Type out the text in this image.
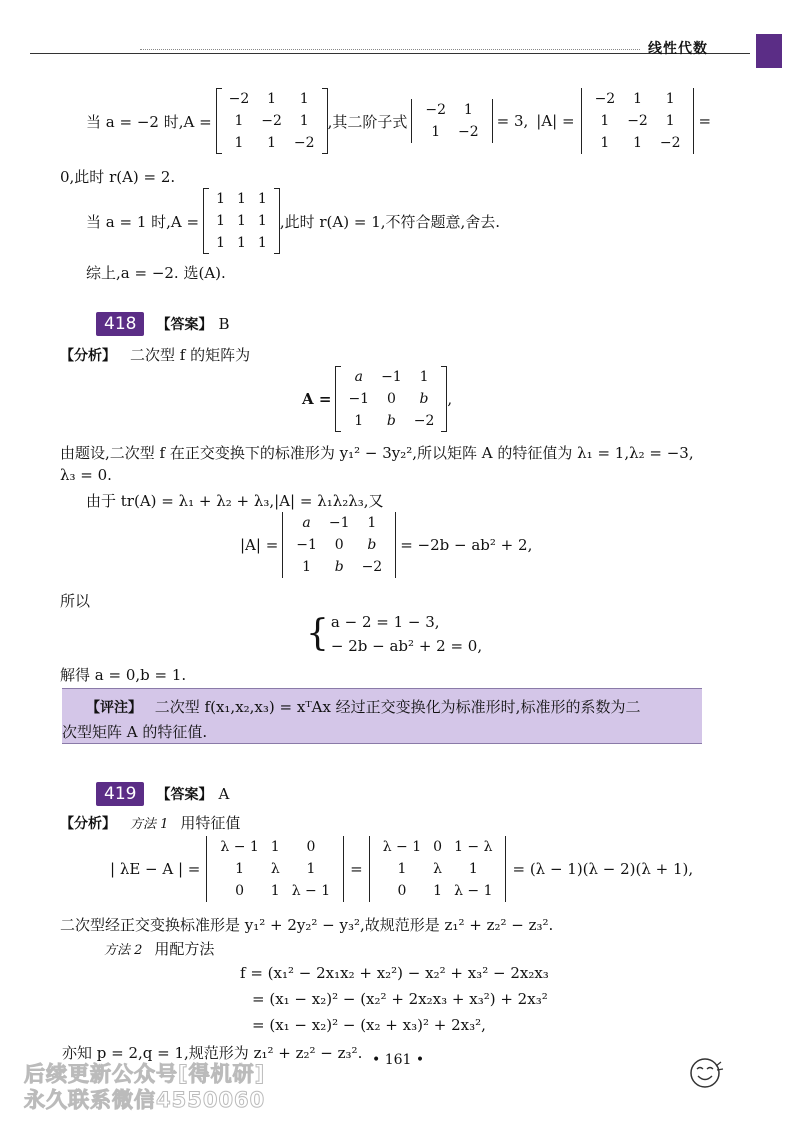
线性代数
当 a = −2 时,A =
−2	1	1
1	−2	1
1	1	−2
,其二阶子式
−2	1
1	−2
= 3, |A| =
−2	1	1
1	−2	1
1	1	−2
=
0,此时 r(A) = 2.
当 a = 1 时,A =
1	1	1
1	1	1
1	1	1
,此时 r(A) = 1,不符合题意,舍去.
综上,a = −2. 选(A).
418	【答案】 B
【分析】 二次型 f 的矩阵为
A =
a	−1	1
−1	0	b
1	b	−2
,
由题设,二次型 f 在正交变换下的标准形为 y₁² − 3y₂²,所以矩阵 A 的特征值为 λ₁ = 1,λ₂ = −3,
λ₃ = 0.
由于 tr(A) = λ₁ + λ₂ + λ₃,|A| = λ₁λ₂λ₃,又
|A| =
a	−1	1
−1	0	b
1	b	−2
= −2b − ab² + 2,
所以
{ a − 2 = 1 − 3,
− 2b − ab² + 2 = 0,
解得 a = 0,b = 1.
【评注】 二次型 f(x₁,x₂,x₃) = xᵀAx 经过正交变换化为标准形时,标准形的系数为二
次型矩阵 A 的特征值.
419	【答案】 A
【分析】 方法 1 用特征值
| λE − A | =
λ − 1	1	0
1	λ	1
0	1	λ − 1
=
λ − 1	0	1 − λ
1	λ	1
0	1	λ − 1
= (λ − 1)(λ − 2)(λ + 1),
二次型经正交变换标准形是 y₁² + 2y₂² − y₃²,故规范形是 z₁² + z₂² − z₃².
方法 2 用配方法
f = (x₁² − 2x₁x₂ + x₂²) − x₂² + x₃² − 2x₂x₃
= (x₁ − x₂)² − (x₂² + 2x₂x₃ + x₃²) + 2x₃²
= (x₁ − x₂)² − (x₂ + x₃)² + 2x₃²,
亦知 p = 2,q = 1,规范形为 z₁² + z₂² − z₃². • 161 •
后续更新公众号[得机研]
永久联系微信4550060
